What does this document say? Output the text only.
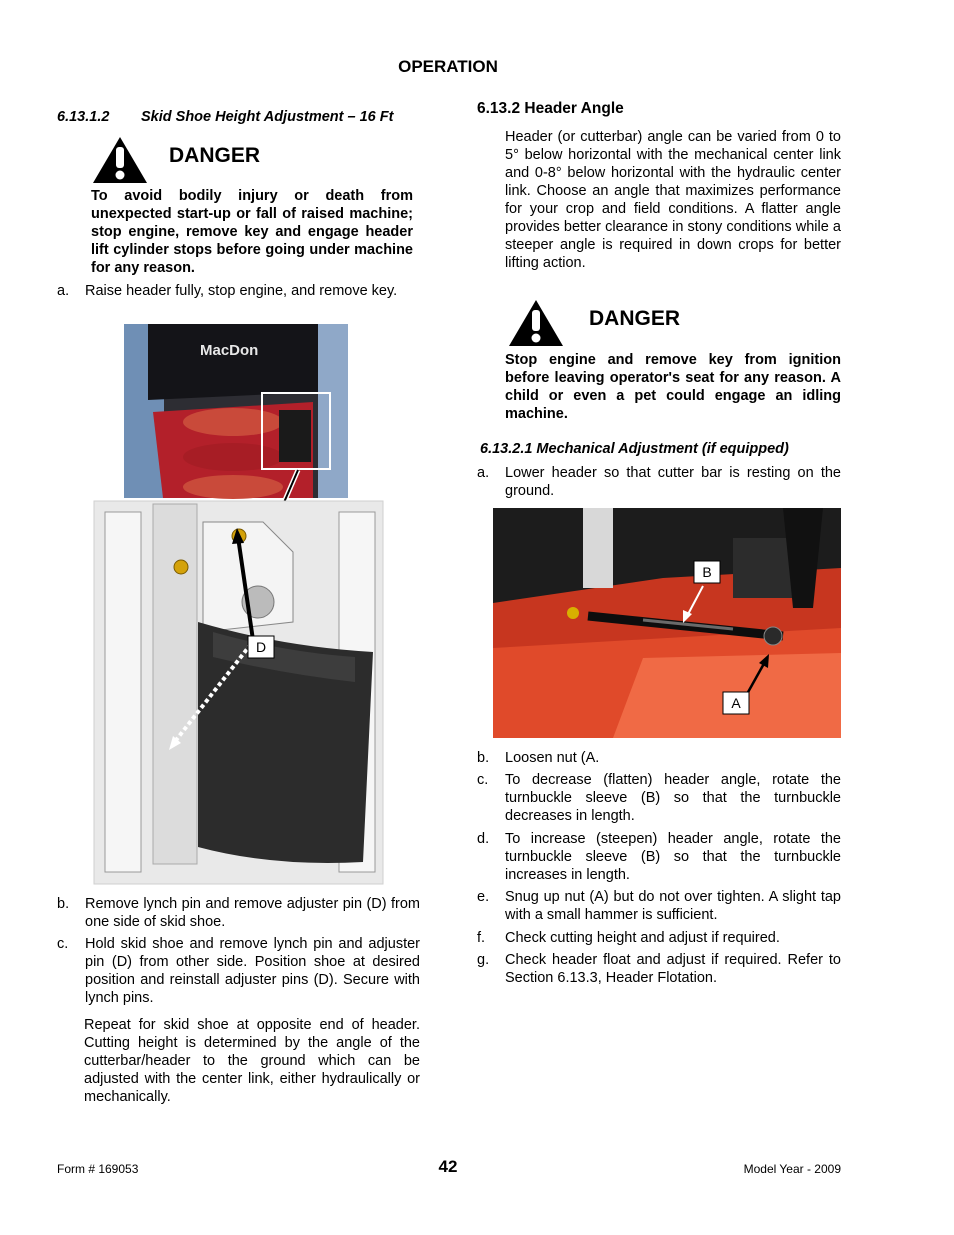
OPERATION
6.13.1.2 Skid Shoe Height Adjustment – 16 Ft
DANGER
To avoid bodily injury or death from unexpected start-up or fall of raised machine; stop engine, remove key and engage header lift cylinder stops before going under machine for any reason.
a. Raise header fully, stop engine, and remove key.
MacDon
D
b. Remove lynch pin and remove adjuster pin (D) from one side of skid shoe.
c. Hold skid shoe and remove lynch pin and adjuster pin (D) from other side. Position shoe at desired position and reinstall adjuster pins (D). Secure with lynch pins.
Repeat for skid shoe at opposite end of header. Cutting height is determined by the angle of the cutterbar/header to the ground which can be adjusted with the center link, either hydraulically or mechanically.
6.13.2 Header Angle
Header (or cutterbar) angle can be varied from 0 to 5° below horizontal with the mechanical center link and 0-8° below horizontal with the hydraulic center link. Choose an angle that maximizes performance for your crop and field conditions. A flatter angle provides better clearance in stony conditions while a steeper angle is required in down crops for better lifting action.
DANGER
Stop engine and remove key from ignition before leaving operator's seat for any reason. A child or even a pet could engage an idling machine.
6.13.2.1 Mechanical Adjustment (if equipped)
a. Lower header so that cutter bar is resting on the ground.
B
A
b. Loosen nut (A.
c. To decrease (flatten) header angle, rotate the turnbuckle sleeve (B) so that the turnbuckle decreases in length.
d. To increase (steepen) header angle, rotate the turnbuckle sleeve (B) so that the turnbuckle increases in length.
e. Snug up nut (A) but do not over tighten. A slight tap with a small hammer is sufficient.
f. Check cutting height and adjust if required.
g. Check header float and adjust if required. Refer to Section 6.13.3, Header Flotation.
Form # 169053	42	Model Year - 2009
